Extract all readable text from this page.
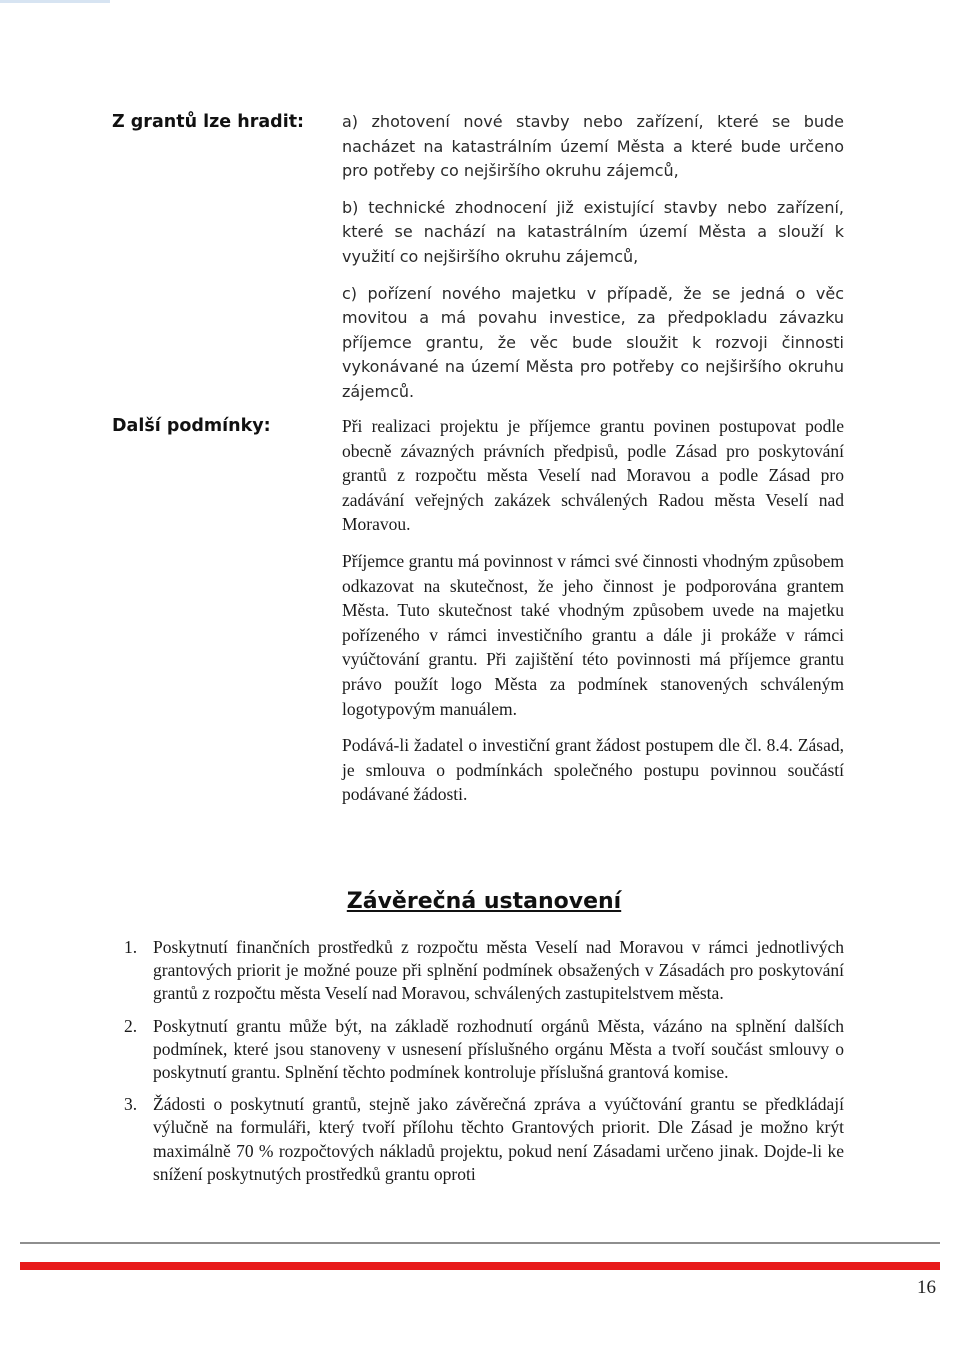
Z grantů lze hradit:	a) zhotovení nové stavby nebo zařízení, které se bude nacházet na katastrálním území Města a které bude určeno pro potřeby co nejširšího okruhu zájemců,

b) technické zhodnocení již existující stavby nebo zařízení, které se nachází na katastrálním území Města a slouží k využití co nejširšího okruhu zájemců,

c) pořízení nového majetku v případě, že se jedná o věc movitou a má povahu investice, za předpokladu závazku příjemce grantu, že věc bude sloužit k rozvoji činnosti vykonávané na území Města pro potřeby co nejširšího okruhu zájemců.

Další podmínky:	Při realizaci projektu je příjemce grantu povinen postupovat podle obecně závazných právních předpisů, podle Zásad pro poskytování grantů z rozpočtu města Veselí nad Moravou a podle Zásad pro zadávání veřejných zakázek schválených Radou města Veselí nad Moravou.

Příjemce grantu má povinnost v rámci své činnosti vhodným způsobem odkazovat na skutečnost, že jeho činnost je podporována grantem Města. Tuto skutečnost také vhodným způsobem uvede na majetku pořízeného v rámci investičního grantu a dále ji prokáže v rámci vyúčtování grantu. Při zajištění této povinnosti má příjemce grantu právo použít logo Města za podmínek stanovených schváleným logotypovým manuálem.

Podává-li žadatel o investiční grant žádost postupem dle čl. 8.4. Zásad, je smlouva o podmínkách společného postupu povinnou součástí podávané žádosti.

Závěrečná ustanovení
1. Poskytnutí finančních prostředků z rozpočtu města Veselí nad Moravou v rámci jednotlivých grantových priorit je možné pouze při splnění podmínek obsažených v Zásadách pro poskytování grantů z rozpočtu města Veselí nad Moravou, schválených zastupitelstvem města.
2. Poskytnutí grantu může být, na základě rozhodnutí orgánů Města, vázáno na splnění dalších podmínek, které jsou stanoveny v usnesení příslušného orgánu Města a tvoří součást smlouvy o poskytnutí grantu. Splnění těchto podmínek kontroluje příslušná grantová komise.
3. Žádosti o poskytnutí grantů, stejně jako závěrečná zpráva a vyúčtování grantu se předkládají výlučně na formuláři, který tvoří přílohu těchto Grantových priorit. Dle Zásad je možno krýt maximálně 70 % rozpočtových nákladů projektu, pokud není Zásadami určeno jinak. Dojde-li ke snížení poskytnutých prostředků grantu oproti
16
